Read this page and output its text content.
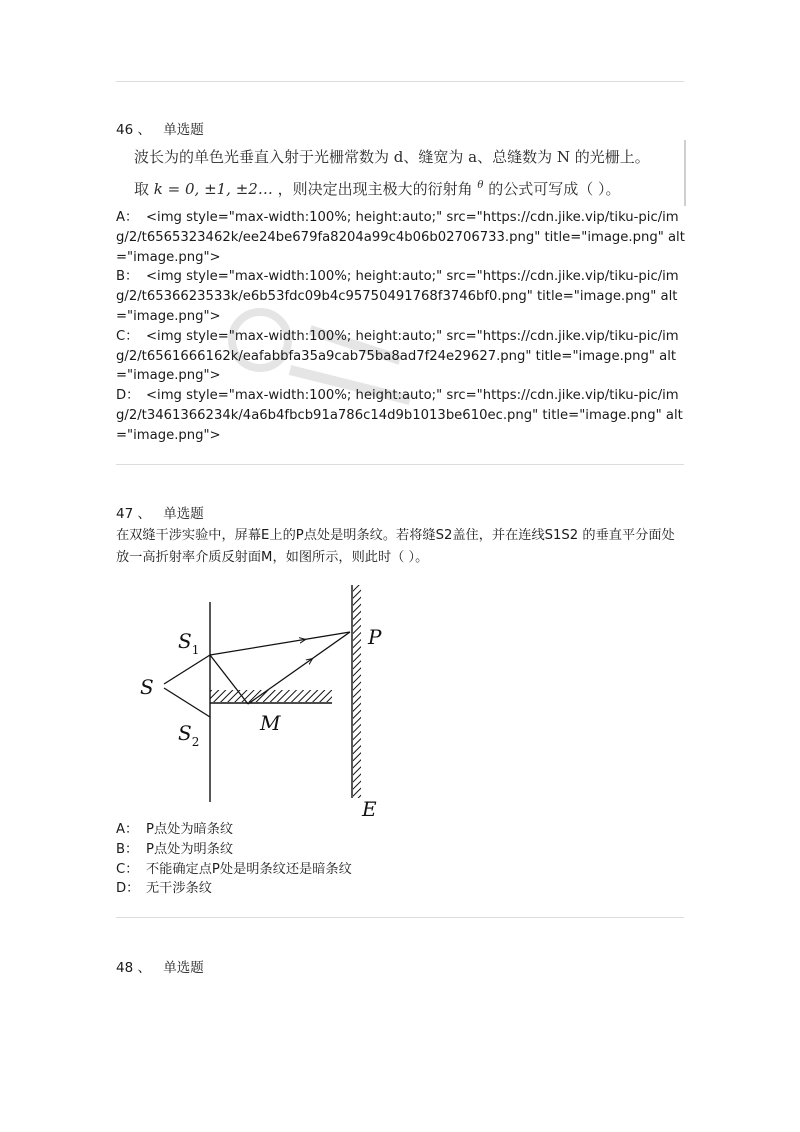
46 、 单选题
波长为的单色光垂直入射于光栅常数为 d、缝宽为 a、总缝数为 N 的光栅上。
取 k = 0, ±1, ±2… ，则决定出现主极大的衍射角 $^\theta$ 的公式可写成（ ）。

A： <img style="max-width:100%; height:auto;" src="https://cdn.jike.vip/tiku-pic/img/2/t6565323462k/ee24be679fa8204a99c4b06b02706733.png" title="image.png" alt="image.png">

B： <img style="max-width:100%; height:auto;" src="https://cdn.jike.vip/tiku-pic/img/2/t6536623533k/e6b53fdc09b4c95750491768f3746bf0.png" title="image.png" alt="image.png">

C： <img style="max-width:100%; height:auto;" src="https://cdn.jike.vip/tiku-pic/img/2/t6561666162k/eafabbfa35a9cab75ba8ad7f24e29627.png" title="image.png" alt="image.png">

D： <img style="max-width:100%; height:auto;" src="https://cdn.jike.vip/tiku-pic/img/2/t3461366234k/4a6b4fbcb91a786c14d9b1013be610ec.png" title="image.png" alt="image.png">

47 、 单选题
在双缝干涉实验中，屏幕E上的P点处是明条纹。若将缝S2盖住，并在连线S1S2 的垂直平分面处放一高折射率介质反射面M，如图所示，则此时（ ）。
S
$S_1$
$S_2$
M
P
E

A： P点处为暗条纹

B： P点处为明条纹

C： 不能确定点P处是明条纹还是暗条纹

D： 无干涉条纹

48 、 单选题
